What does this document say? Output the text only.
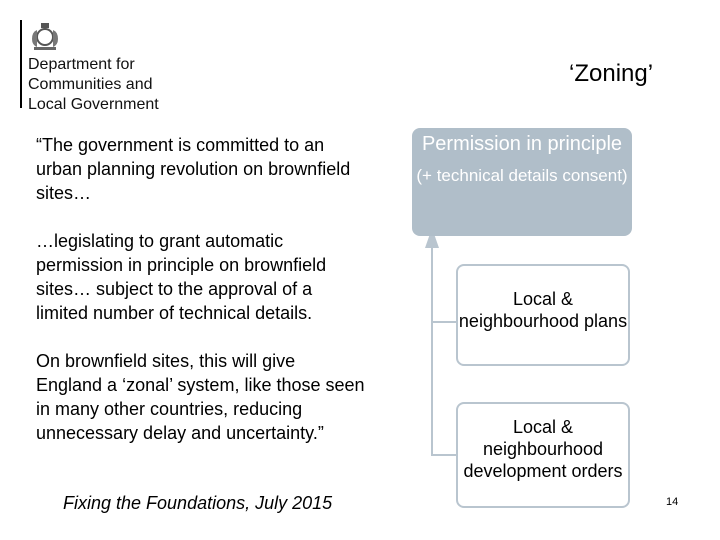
Department for
Communities and
Local Government
‘Zoning’

“The government is committed to an urban planning revolution on brownfield sites…

…legislating to grant automatic permission in principle on brownfield sites… subject to the approval of a limited number of technical details.

On brownfield sites, this will give England a ‘zonal’ system, like those seen in many other countries, reducing unnecessary delay and uncertainty.”

Fixing the Foundations, July 2015
Permission in principle
(+ technical details consent)
Local & neighbourhood plans
Local & neighbourhood development orders
14
